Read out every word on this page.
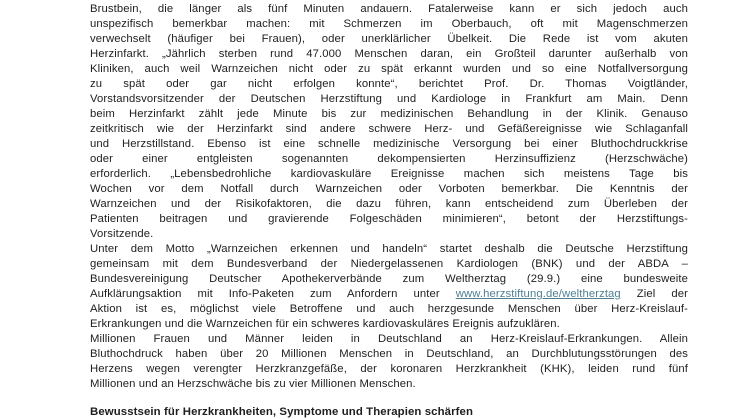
Brustbein, die länger als fünf Minuten andauern. Fatalerweise kann er sich jedoch auch
unspezifisch bemerkbar machen: mit Schmerzen im Oberbauch, oft mit Magenschmerzen
verwechselt (häufiger bei Frauen), oder unerklärlicher Übelkeit. Die Rede ist vom akuten
Herzinfarkt. „Jährlich sterben rund 47.000 Menschen daran, ein Großteil darunter außerhalb von
Kliniken, auch weil Warnzeichen nicht oder zu spät erkannt wurden und so eine Notfallversorgung
zu spät oder gar nicht erfolgen konnte“, berichtet Prof. Dr. Thomas Voigtländer,
Vorstandsvorsitzender der Deutschen Herzstiftung und Kardiologe in Frankfurt am Main. Denn
beim Herzinfarkt zählt jede Minute bis zur medizinischen Behandlung in der Klinik. Genauso
zeitkritisch wie der Herzinfarkt sind andere schwere Herz- und Gefäßereignisse wie Schlaganfall
und Herzstillstand. Ebenso ist eine schnelle medizinische Versorgung bei einer Bluthochdruckkrise
oder einer entgleisten sogenannten dekompensierten Herzinsuffizienz (Herzschwäche)
erforderlich. „Lebensbedrohliche kardiovaskuläre Ereignisse machen sich meistens Tage bis
Wochen vor dem Notfall durch Warnzeichen oder Vorboten bemerkbar. Die Kenntnis der
Warnzeichen und der Risikofaktoren, die dazu führen, kann entscheidend zum Überleben der
Patienten beitragen und gravierende Folgeschäden minimieren“, betont der Herzstiftungs-
Vorsitzende.
Unter dem Motto „Warnzeichen erkennen und handeln“ startet deshalb die Deutsche Herzstiftung
gemeinsam mit dem Bundesverband der Niedergelassenen Kardiologen (BNK) und der ABDA –
Bundesvereinigung Deutscher Apothekerverbände zum Weltherztag (29.9.) eine bundesweite
Aufklärungsaktion mit Info-Paketen zum Anfordern unter www.herzstiftung.de/weltherztag Ziel der
Aktion ist es, möglichst viele Betroffene und auch herzgesunde Menschen über Herz-Kreislauf-
Erkrankungen und die Warnzeichen für ein schweres kardiovaskuläres Ereignis aufzuklären.
Millionen Frauen und Männer leiden in Deutschland an Herz-Kreislauf-Erkrankungen. Allein
Bluthochdruck haben über 20 Millionen Menschen in Deutschland, an Durchblutungsstörungen des
Herzens wegen verengter Herzkranzgefäße, der koronaren Herzkrankheit (KHK), leiden rund fünf
Millionen und an Herzschwäche bis zu vier Millionen Menschen.
Bewusstsein für Herzkrankheiten, Symptome und Therapien schärfen
